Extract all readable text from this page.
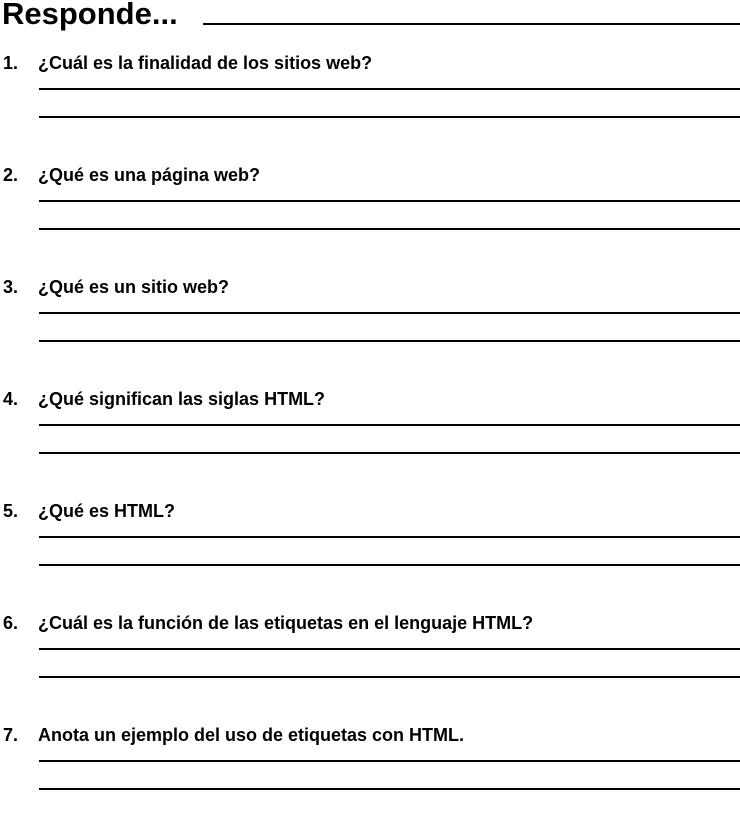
Responde...
1. ¿Cuál es la finalidad de los sitios web?
2. ¿Qué es una página web?
3. ¿Qué es un sitio web?
4. ¿Qué significan las siglas HTML?
5. ¿Qué es HTML?
6. ¿Cuál es la función de las etiquetas en el lenguaje HTML?
7. Anota un ejemplo del uso de etiquetas con HTML.
